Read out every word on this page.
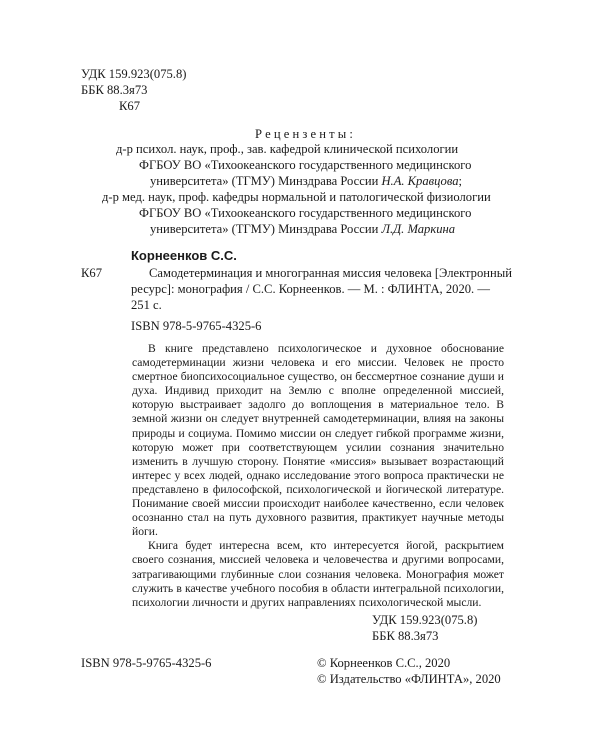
УДК 159.923(075.8)
ББК 88.3я73
К67
Р е ц е н з е н т ы :
д-р психол. наук, проф., зав. кафедрой клинической психологии
ФГБОУ ВО «Тихоокеанского государственного медицинского
университета» (ТГМУ) Минздрава России Н.А. Кравцова;
д-р мед. наук, проф. кафедры нормальной и патологической физиологии
ФГБОУ ВО «Тихоокеанского государственного медицинского
университета» (ТГМУ) Минздрава России Л.Д. Маркина
Корнеенков С.С.
К67	Самодетерминация и многогранная миссия человека [Электронный
ресурс]: монография / С.С. Корнеенков. — М. : ФЛИНТА, 2020. —
251 с.
ISBN 978-5-9765-4325-6

В книге представлено психологическое и духовное обоснование самодетерминации жизни человека и его миссии. Человек не просто смертное биопсихосоциальное существо, он бессмертное сознание души и духа. Индивид приходит на Землю с вполне определенной миссией, которую выстраивает задолго до воплощения в материальное тело. В земной жизни он следует внутренней самодетерминации, влияя на законы природы и социума. Помимо миссии он следует гибкой программе жизни, которую может при соответствующем усилии сознания значительно изменить в лучшую сторону. Понятие «миссия» вызывает возрастающий интерес у всех людей, однако исследование этого вопроса практически не представлено в философской, психологической и йогической литературе. Понимание своей миссии происходит наиболее качественно, если человек осознанно стал на путь духовного развития, практикует научные методы йоги.

Книга будет интересна всем, кто интересуется йогой, раскрытием своего сознания, миссией человека и человечества и другими вопросами, затрагивающими глубинные слои сознания человека. Монография может служить в качестве учебного пособия в области интегральной психологии, психологии личности и других направлениях психологической мысли.

УДК 159.923(075.8)
ББК 88.3я73
ISBN 978-5-9765-4325-6	© Корнеенков С.С., 2020
© Издательство «ФЛИНТА», 2020
